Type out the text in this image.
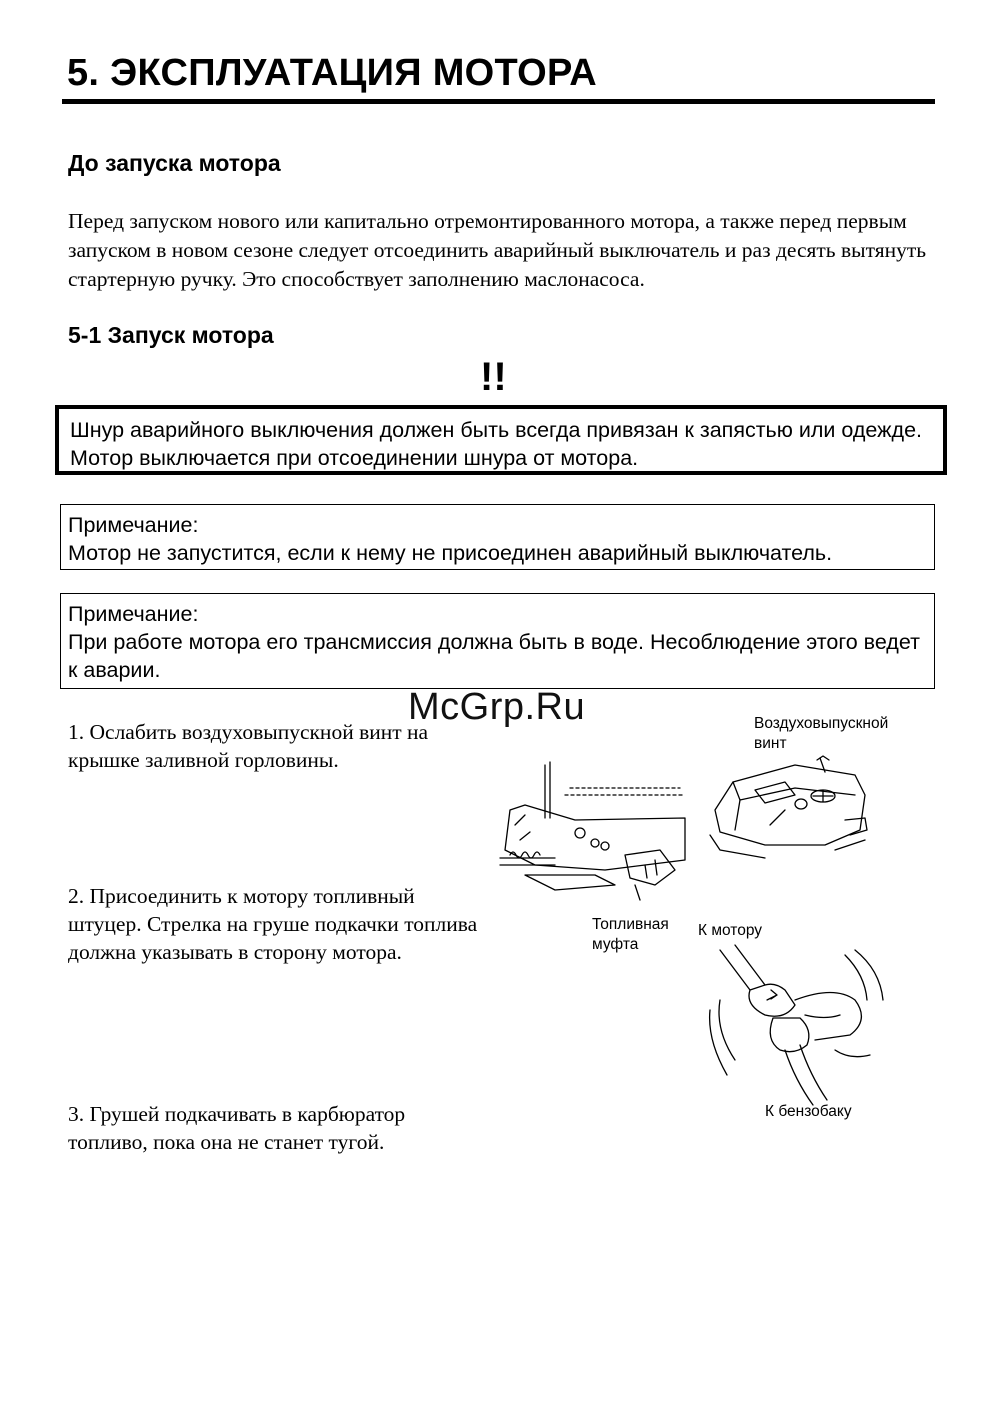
5. ЭКСПЛУАТАЦИЯ МОТОРА
До запуска мотора
Перед запуском нового или капитально отремонтированного мотора, а также перед первым запуском в новом сезоне следует отсоединить аварийный выключатель и раз десять вытянуть стартерную ручку. Это способствует заполнению маслонасоса.
5-1 Запуск мотора
!!
Шнур аварийного выключения должен быть всегда привязан к запястью или одежде. Мотор выключается при отсоединении шнура от мотора.
Примечание:
Мотор не запустится, если к нему не присоединен аварийный выключатель.
Примечание:
При работе мотора его трансмиссия должна быть в воде. Несоблюдение этого ведет к аварии.
McGrp.Ru
1. Ослабить воздуховыпускной винт на крышке заливной горловины.
2. Присоединить к мотору топливный штуцер. Стрелка на груше подкачки топлива должна указывать в сторону мотора.
3. Грушей подкачивать в карбюратор топливо, пока она не станет тугой.
Воздуховыпускной винт
Топливная муфта
К мотору
К бензобаку
